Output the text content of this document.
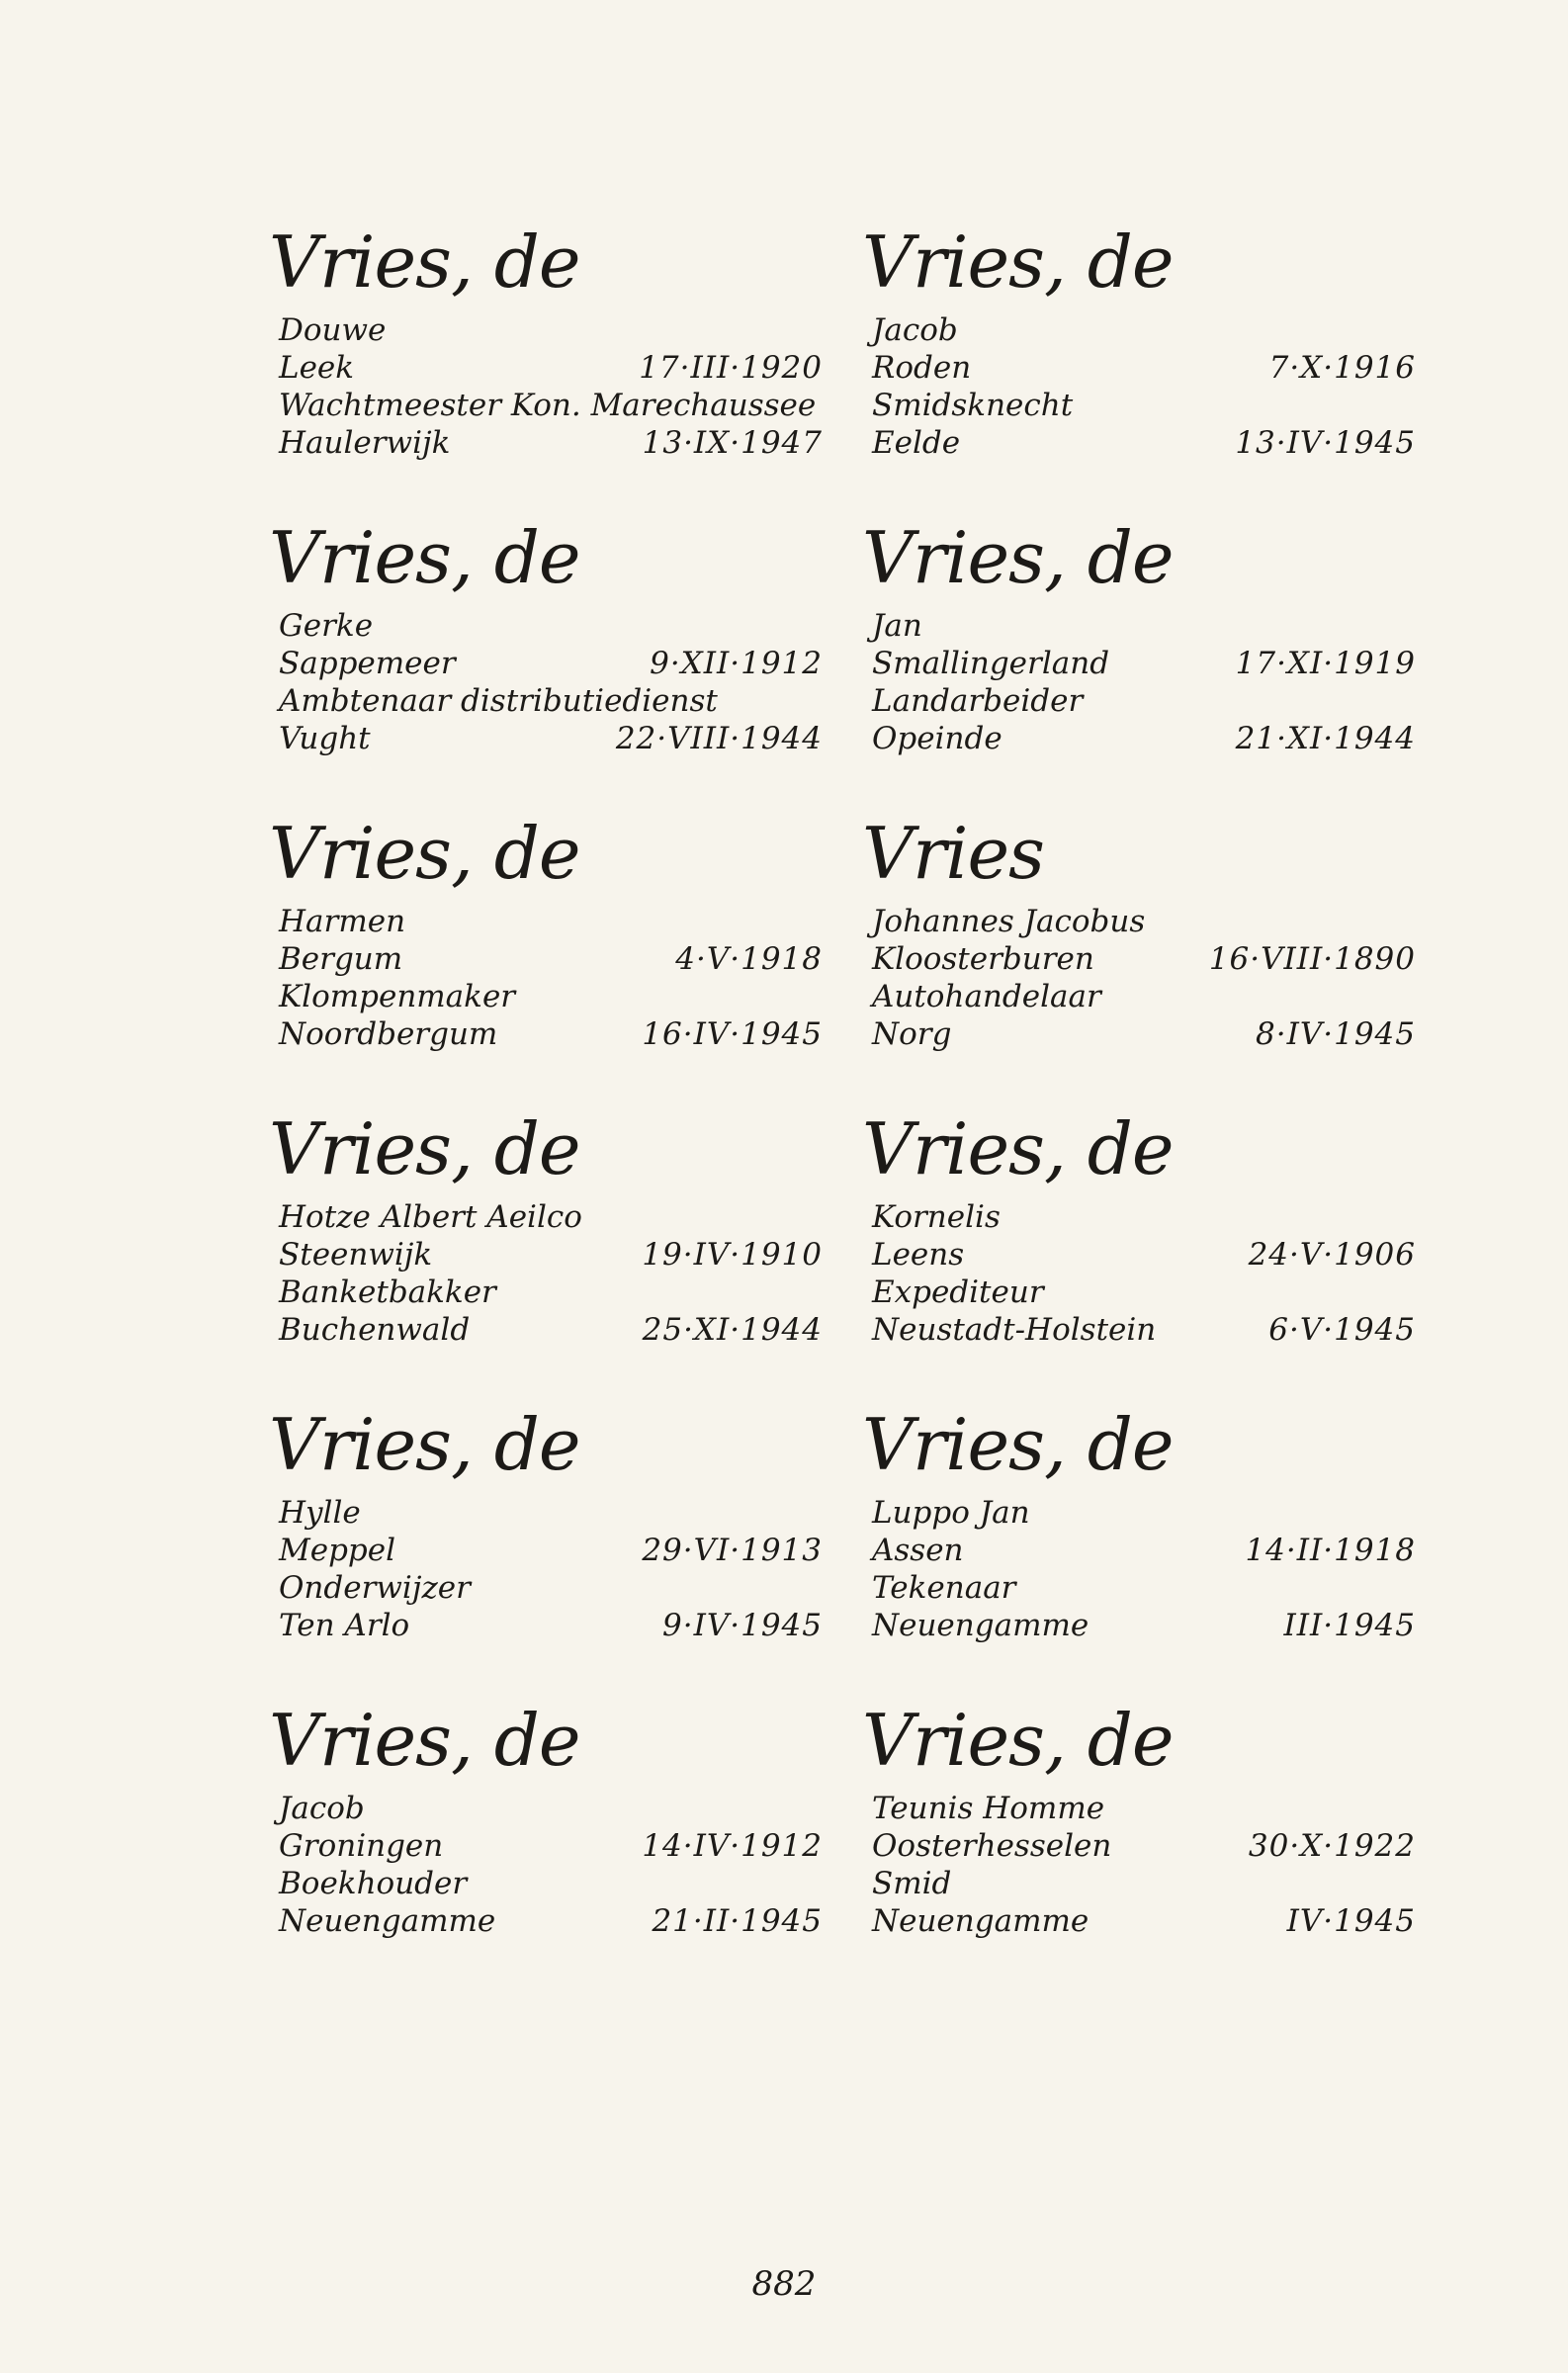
Vries, de
Douwe
Leek	17·III·1920
Wachtmeester Kon. Marechaussee
Haulerwijk	13·IX·1947
Vries, de
Gerke
Sappemeer	9·XII·1912
Ambtenaar distributiedienst
Vught	22·VIII·1944
Vries, de
Harmen
Bergum	4·V·1918
Klompenmaker
Noordbergum	16·IV·1945
Vries, de
Hotze Albert Aeilco
Steenwijk	19·IV·1910
Banketbakker
Buchenwald	25·XI·1944
Vries, de
Hylle
Meppel	29·VI·1913
Onderwijzer
Ten Arlo	9·IV·1945
Vries, de
Jacob
Groningen	14·IV·1912
Boekhouder
Neuengamme	21·II·1945
Vries, de
Jacob
Roden	7·X·1916
Smidsknecht
Eelde	13·IV·1945
Vries, de
Jan
Smallingerland	17·XI·1919
Landarbeider
Opeinde	21·XI·1944
Vries
Johannes Jacobus
Kloosterburen	16·VIII·1890
Autohandelaar
Norg	8·IV·1945
Vries, de
Kornelis
Leens	24·V·1906
Expediteur
Neustadt-Holstein	6·V·1945
Vries, de
Luppo Jan
Assen	14·II·1918
Tekenaar
Neuengamme	III·1945
Vries, de
Teunis Homme
Oosterhesselen	30·X·1922
Smid
Neuengamme	IV·1945
882
